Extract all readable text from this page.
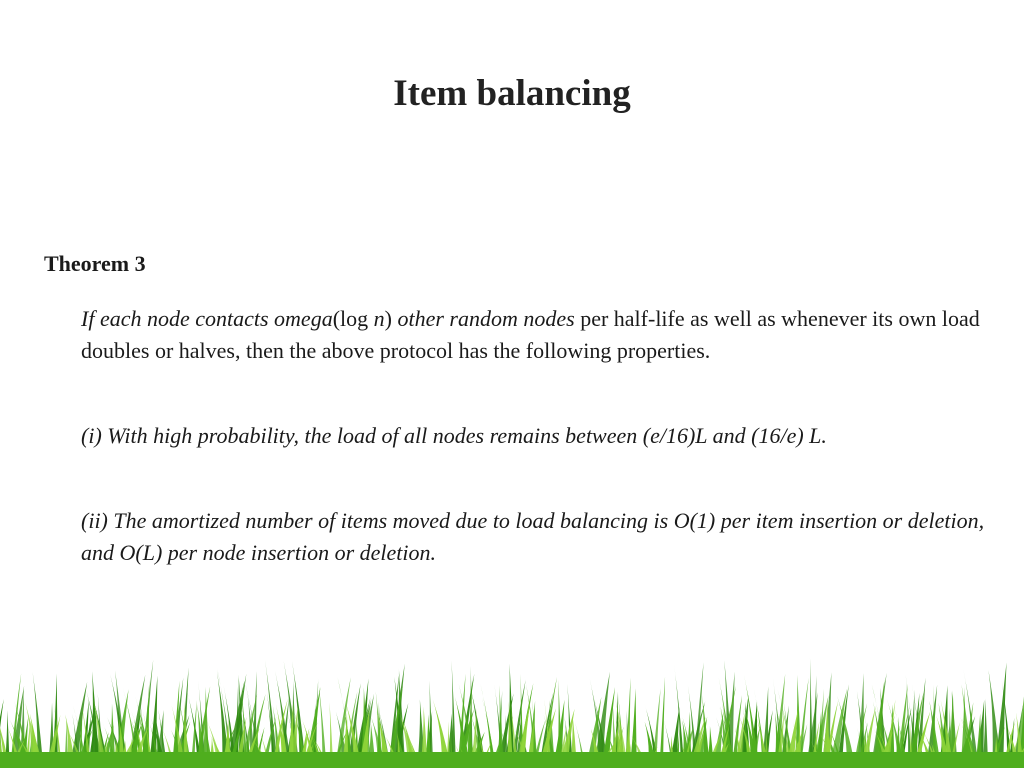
Item balancing
Theorem 3

If each node contacts omega(log n) other random nodes per half-life as well as whenever its own load doubles or halves, then the above protocol has the following properties.

(i) With high probability, the load of all nodes remains between (e/16)L and (16/e) L.

(ii) The amortized number of items moved due to load balancing is O(1) per item insertion or deletion, and O(L) per node insertion or deletion.
